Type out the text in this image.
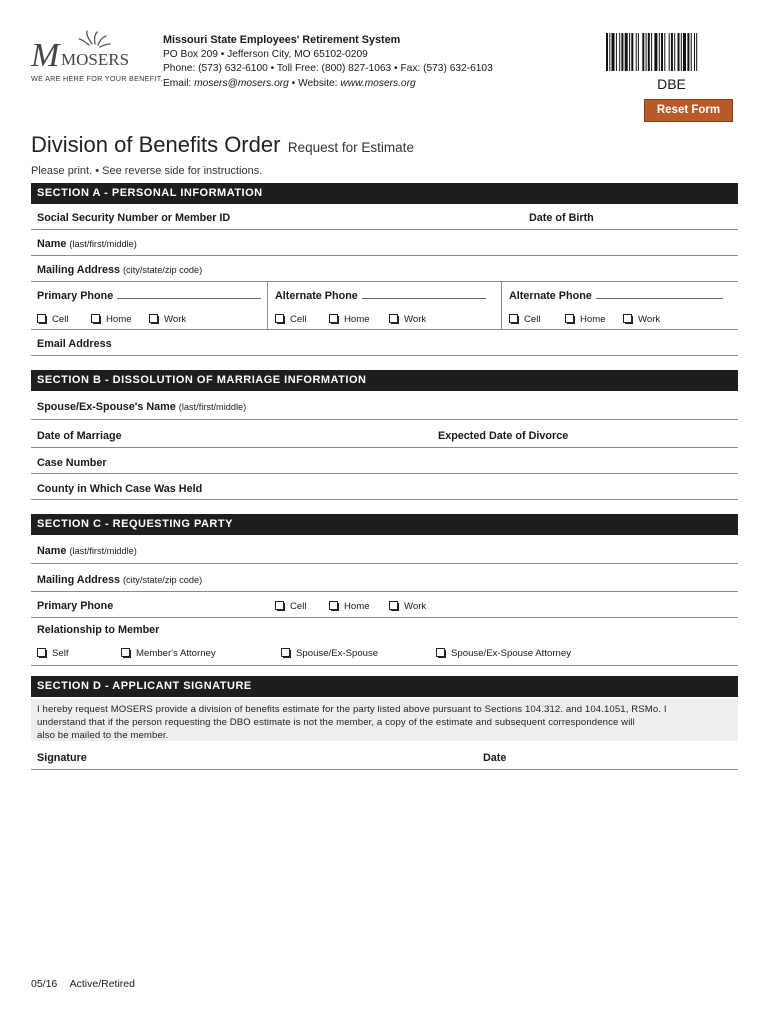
M MOSERS
WE ARE HERE FOR YOUR BENEFIT.
Missouri State Employees' Retirement System
PO Box 209 • Jefferson City, MO 65102-0209
Phone: (573) 632-6100 • Toll Free: (800) 827-1063 • Fax: (573) 632-6103
Email: mosers@mosers.org • Website: www.mosers.org	DBE
Reset Form
Division of Benefits Order Request for Estimate
Please print. • See reverse side for instructions.
SECTION A - PERSONAL INFORMATION
Social Security Number or Member ID	Date of Birth
Name (last/first/middle)
Mailing Address (city/state/zip code)
Primary Phone	Alternate Phone	Alternate Phone
Cell	Home	Work	Cell	Home	Work	Cell	Home	Work
Email Address
SECTION B - DISSOLUTION OF MARRIAGE INFORMATION
Spouse/Ex-Spouse's Name (last/first/middle)
Date of Marriage	Expected Date of Divorce
Case Number
County in Which Case Was Held
SECTION C - REQUESTING PARTY
Name (last/first/middle)
Mailing Address (city/state/zip code)
Primary Phone	Cell	Home	Work
Relationship to Member
Self	Member's Attorney	Spouse/Ex-Spouse	Spouse/Ex-Spouse Attorney
SECTION D - APPLICANT SIGNATURE
I hereby request MOSERS provide a division of benefits estimate for the party listed above pursuant to Sections 104.312. and 104.1051, RSMo. I
understand that if the person requesting the DBO estimate is not the member, a copy of the estimate and subsequent correspondence will
also be mailed to the member.
Signature	Date
05/16 Active/Retired
